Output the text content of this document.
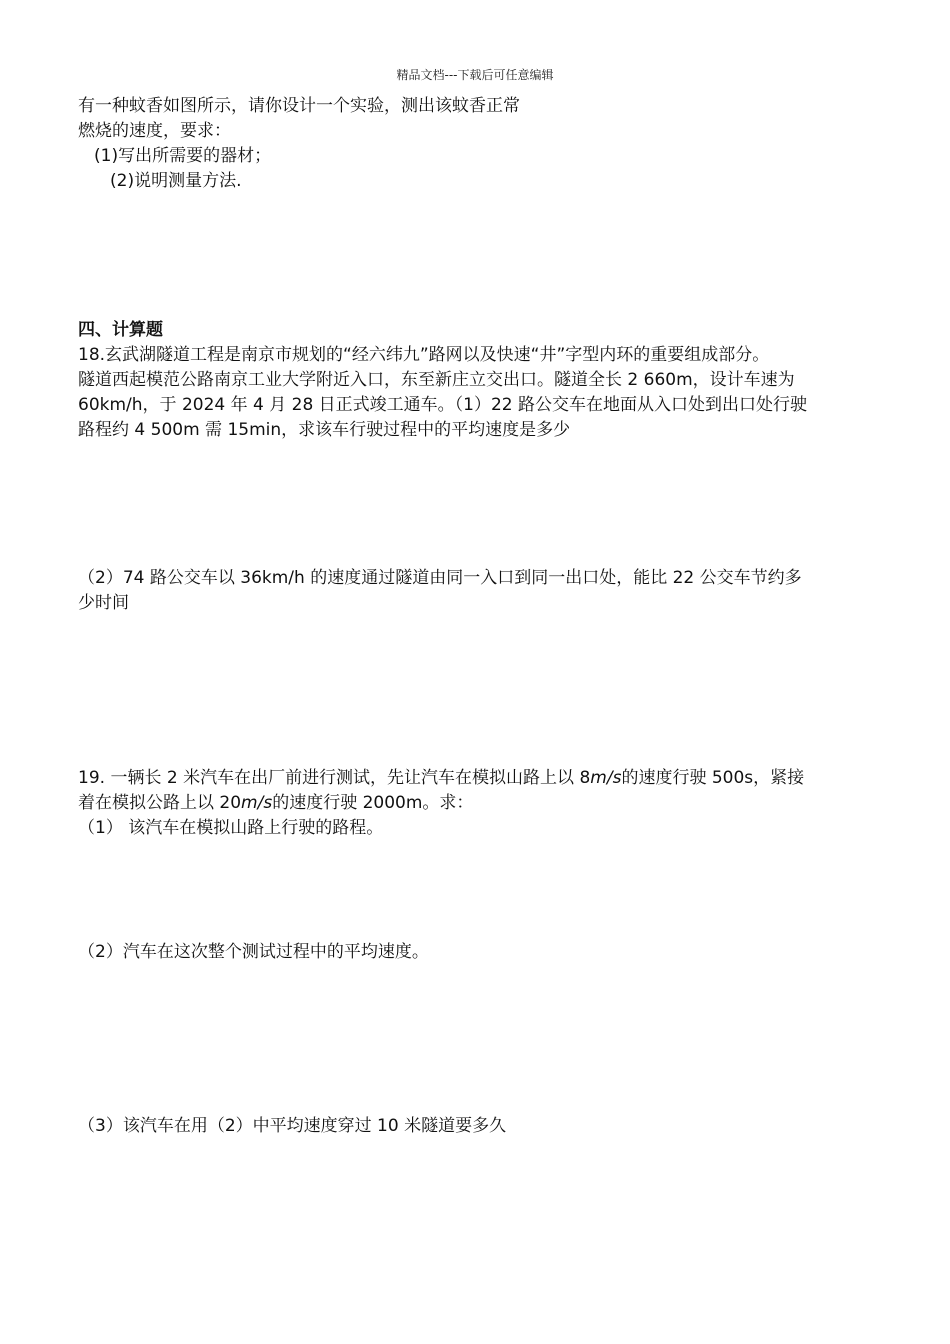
精品文档---下载后可任意编辑
有一种蚊香如图所示，请你设计一个实验，测出该蚊香正常
燃烧的速度，要求：
(1)写出所需要的器材；
(2)说明测量方法.
四、计算题
18.玄武湖隧道工程是南京市规划的“经六纬九”路网以及快速“井”字型内环的重要组成部分。
隧道西起模范公路南京工业大学附近入口，东至新庄立交出口。隧道全长 2 660m，设计车速为
60km/h，于 2024 年 4 月 28 日正式竣工通车。（1）22 路公交车在地面从入口处到出口处行驶
路程约 4 500m 需 15min，求该车行驶过程中的平均速度是多少
（2）74 路公交车以 36km/h 的速度通过隧道由同一入口到同一出口处，能比 22 公交车节约多
少时间
19. 一辆长 2 米汽车在出厂前进行测试，先让汽车在模拟山路上以 8m/s的速度行驶 500s，紧接
着在模拟公路上以 20m/s的速度行驶 2000m。求：
（1） 该汽车在模拟山路上行驶的路程。
（2）汽车在这次整个测试过程中的平均速度。
（3）该汽车在用（2）中平均速度穿过 10 米隧道要多久
